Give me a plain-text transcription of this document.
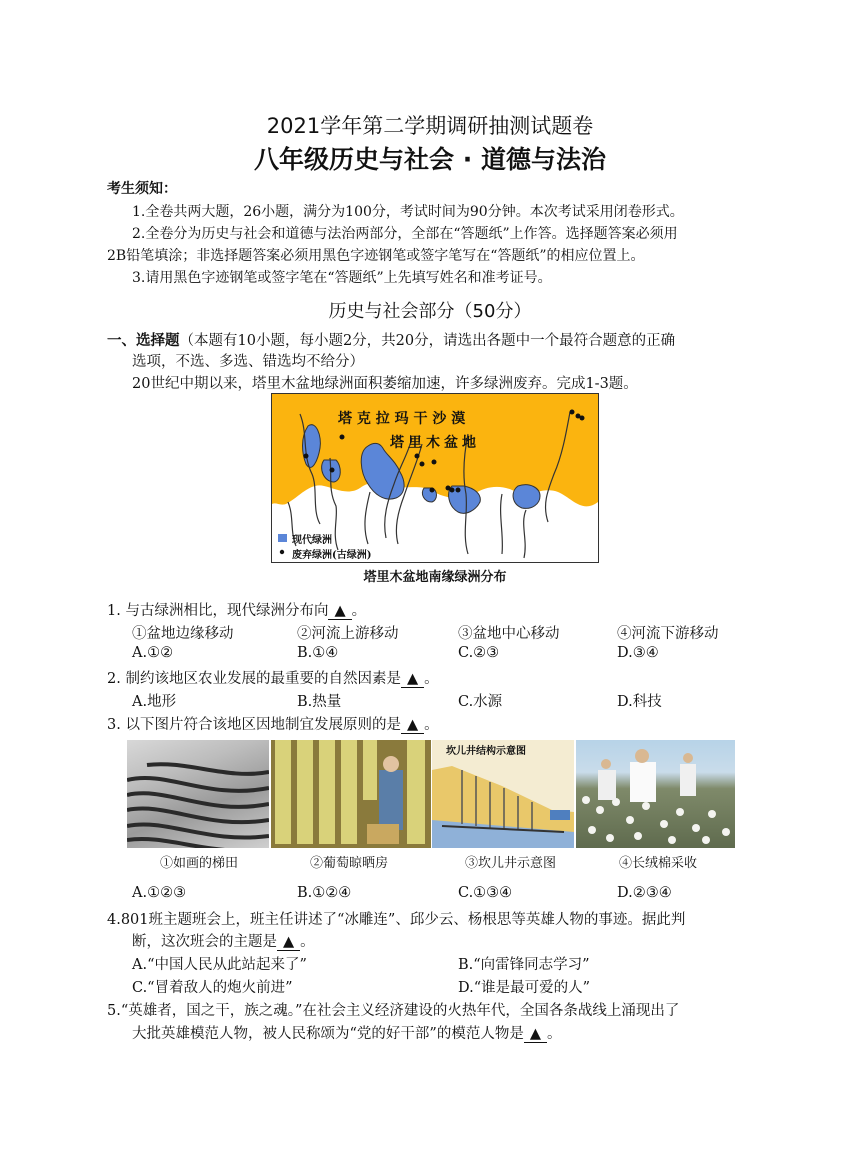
2021学年第二学期调研抽测试题卷
八年级历史与社会 · 道德与法治
考生须知：
1.全卷共两大题，26小题，满分为100分，考试时间为90分钟。本次考试采用闭卷形式。
2.全卷分为历史与社会和道德与法治两部分，全部在“答题纸”上作答。选择题答案必须用
2B铅笔填涂；非选择题答案必须用黑色字迹钢笔或签字笔写在“答题纸”的相应位置上。
3.请用黑色字迹钢笔或签字笔在“答题纸”上先填写姓名和准考证号。
历史与社会部分（50分）
一、选择题（本题有10小题，每小题2分，共20分，请选出各题中一个最符合题意的正确
选项，不选、多选、错选均不给分）
20世纪中期以来，塔里木盆地绿洲面积萎缩加速，许多绿洲废弃。完成1-3题。
塔 克 拉 玛 干 沙 漠
塔里木盆地
现代绿洲
废弃绿洲(古绿洲)
塔里木盆地南缘绿洲分布
1. 与古绿洲相比，现代绿洲分布向 ▲ 。
①盆地边缘移动	②河流上游移动	③盆地中心移动	④河流下游移动
A.①②	B.①④	C.②③	D.③④
2. 制约该地区农业发展的最重要的自然因素是 ▲ 。
A.地形	B.热量	C.水源	D.科技
3. 以下图片符合该地区因地制宜发展原则的是 ▲ 。
坎儿井结构示意图
①如画的梯田	②葡萄晾晒房	③坎儿井示意图	④长绒棉采收
A.①②③	B.①②④	C.①③④	D.②③④
4.801班主题班会上，班主任讲述了“冰雕连”、邱少云、杨根思等英雄人物的事迹。据此判
断，这次班会的主题是 ▲ 。
A.“中国人民从此站起来了”	B.“向雷锋同志学习”
C.“冒着敌人的炮火前进”	D.“谁是最可爱的人”
5.“英雄者，国之干，族之魂。”在社会主义经济建设的火热年代，全国各条战线上涌现出了
大批英雄模范人物，被人民称颂为“党的好干部”的模范人物是 ▲ 。
